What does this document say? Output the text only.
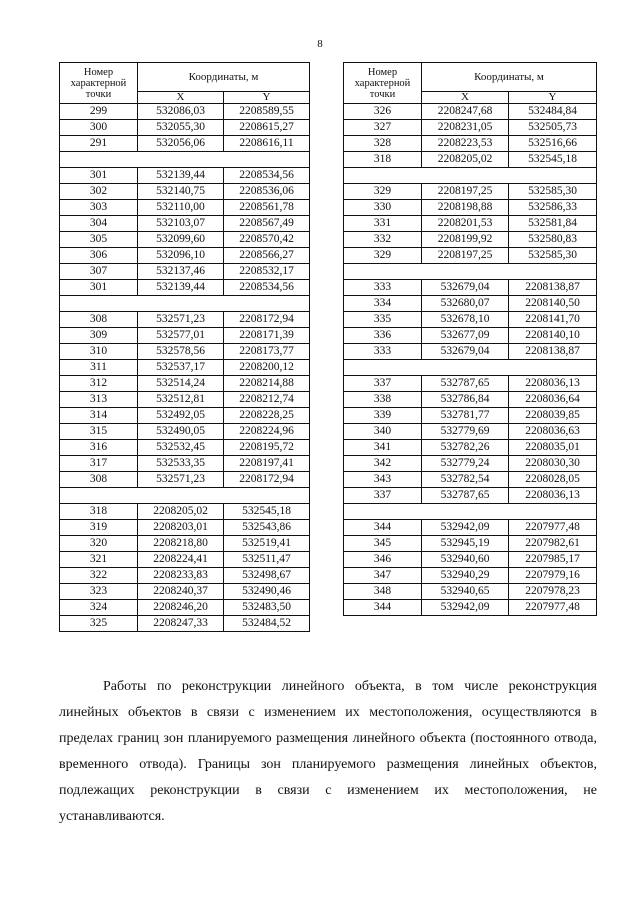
8
Номер
характерной
точки	Координаты, м	
	X	Y
299	532086,03	2208589,55
300	532055,30	2208615,27
291	532056,06	2208616,11

301	532139,44	2208534,56
302	532140,75	2208536,06
303	532110,00	2208561,78
304	532103,07	2208567,49
305	532099,60	2208570,42
306	532096,10	2208566,27
307	532137,46	2208532,17
301	532139,44	2208534,56

308	532571,23	2208172,94
309	532577,01	2208171,39
310	532578,56	2208173,77
311	532537,17	2208200,12
312	532514,24	2208214,88
313	532512,81	2208212,74
314	532492,05	2208228,25
315	532490,05	2208224,96
316	532532,45	2208195,72
317	532533,35	2208197,41
308	532571,23	2208172,94

318	2208205,02	532545,18
319	2208203,01	532543,86
320	2208218,80	532519,41
321	2208224,41	532511,47
322	2208233,83	532498,67
323	2208240,37	532490,46
324	2208246,20	532483,50
325	2208247,33	532484,52
Номер
характерной
точки	Координаты, м	
	X	Y
326	2208247,68	532484,84
327	2208231,05	532505,73
328	2208223,53	532516,66
318	2208205,02	532545,18

329	2208197,25	532585,30
330	2208198,88	532586,33
331	2208201,53	532581,84
332	2208199,92	532580,83
329	2208197,25	532585,30

333	532679,04	2208138,87
334	532680,07	2208140,50
335	532678,10	2208141,70
336	532677,09	2208140,10
333	532679,04	2208138,87

337	532787,65	2208036,13
338	532786,84	2208036,64
339	532781,77	2208039,85
340	532779,69	2208036,63
341	532782,26	2208035,01
342	532779,24	2208030,30
343	532782,54	2208028,05
337	532787,65	2208036,13

344	532942,09	2207977,48
345	532945,19	2207982,61
346	532940,60	2207985,17
347	532940,29	2207979,16
348	532940,65	2207978,23
344	532942,09	2207977,48
Работы по реконструкции линейного объекта, в том числе реконструкция линейных объектов в связи с изменением их местоположения, осуществляются в пределах границ зон планируемого размещения линейного объекта (постоянного отвода, временного отвода). Границы зон планируемого размещения линейных объектов, подлежащих реконструкции в связи с изменением их местоположения, не устанавливаются.
